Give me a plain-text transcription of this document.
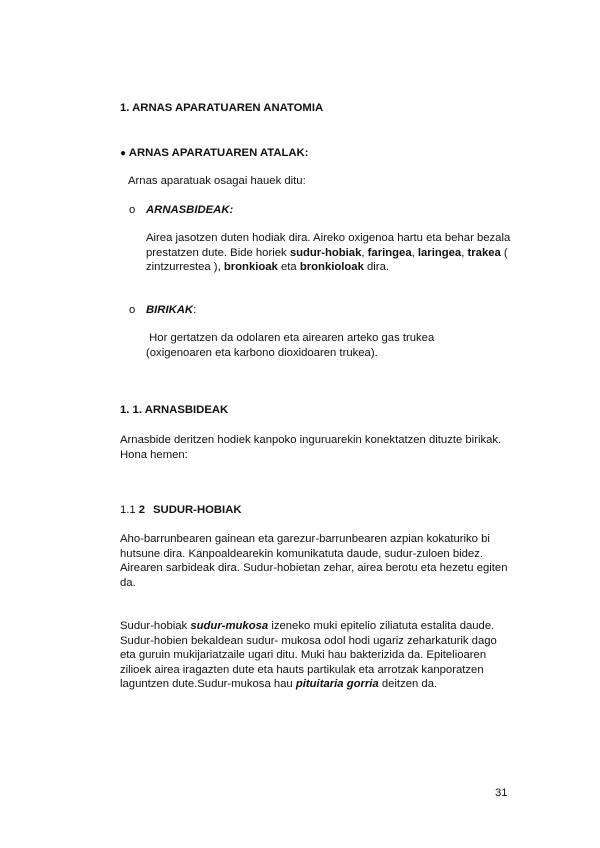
1. ARNAS APARATUAREN ANATOMIA
● ARNAS APARATUAREN ATALAK:
Arnas aparatuak osagai hauek ditu:
o ARNASBIDEAK:
Airea jasotzen duten hodiak dira. Aireko oxigenoa hartu eta behar bezala prestatzen dute. Bide horiek sudur-hobiak, faringea, laringea, trakea ( zintzurrestea ), bronkioak eta bronkioloak dira.
o BIRIKAK:
Hor gertatzen da odolaren eta airearen arteko gas trukea (oxigenoaren eta karbono dioxidoaren trukea).
1. 1. ARNASBIDEAK
Arnasbide deritzen hodiek kanpoko inguruarekin konektatzen dituzte birikak. Hona hemen:
1.1 2 SUDUR-HOBIAK
Aho-barrunbearen gainean eta garezur-barrunbearen azpian kokaturiko bi hutsune dira. Kanpoaldearekin komunikatuta daude, sudur-zuloen bidez. Airearen sarbideak dira. Sudur-hobietan zehar, airea berotu eta hezetu egiten da.
Sudur-hobiak sudur-mukosa izeneko muki epitelio ziliatuta estalita daude. Sudur-hobien bekaldean sudur- mukosa odol hodi ugariz zeharkaturik dago eta guruin mukijariatzaile ugari ditu. Muki hau bakterizida da. Epitelioaren zilioek airea iragazten dute eta hauts partikulak eta arrotzak kanporatzen laguntzen dute.Sudur-mukosa hau pituitaria gorria deitzen da.
31
